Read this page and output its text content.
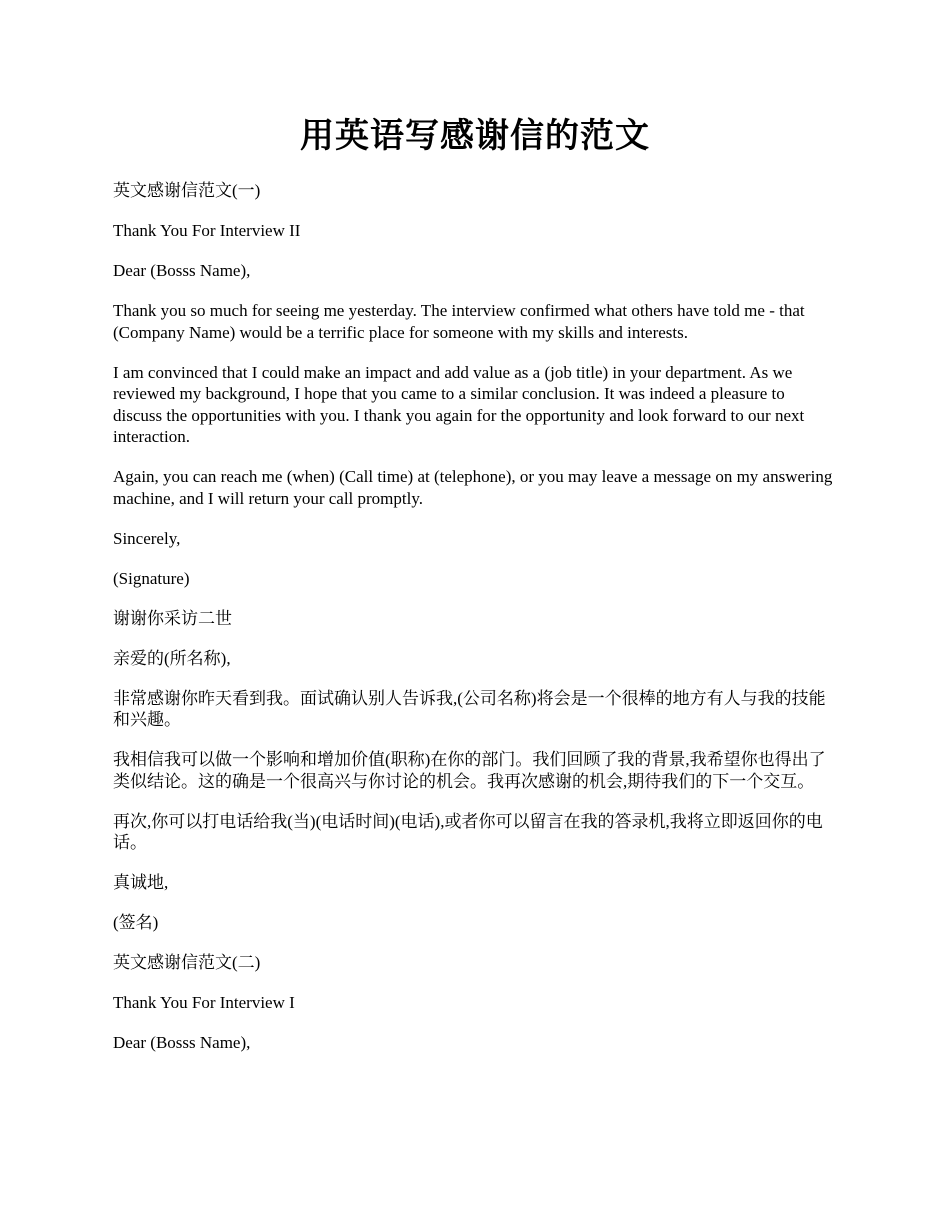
用英语写感谢信的范文

英文感谢信范文(一)

Thank You For Interview II

Dear (Bosss Name),

Thank you so much for seeing me yesterday. The interview confirmed what others have told me - that (Company Name) would be a terrific place for someone with my skills and interests.

I am convinced that I could make an impact and add value as a (job title) in your department. As we reviewed my background, I hope that you came to a similar conclusion. It was indeed a pleasure to discuss the opportunities with you. I thank you again for the opportunity and look forward to our next interaction.

Again, you can reach me (when) (Call time) at (telephone), or you may leave a message on my answering machine, and I will return your call promptly.

Sincerely,

(Signature)

谢谢你采访二世

亲爱的(所名称),

非常感谢你昨天看到我。面试确认别人告诉我,(公司名称)将会是一个很棒的地方有人与我的技能和兴趣。

我相信我可以做一个影响和增加价值(职称)在你的部门。我们回顾了我的背景,我希望你也得出了类似结论。这的确是一个很高兴与你讨论的机会。我再次感谢的机会,期待我们的下一个交互。

再次,你可以打电话给我(当)(电话时间)(电话),或者你可以留言在我的答录机,我将立即返回你的电话。

真诚地,

(签名)

英文感谢信范文(二)

Thank You For Interview I

Dear (Bosss Name),
